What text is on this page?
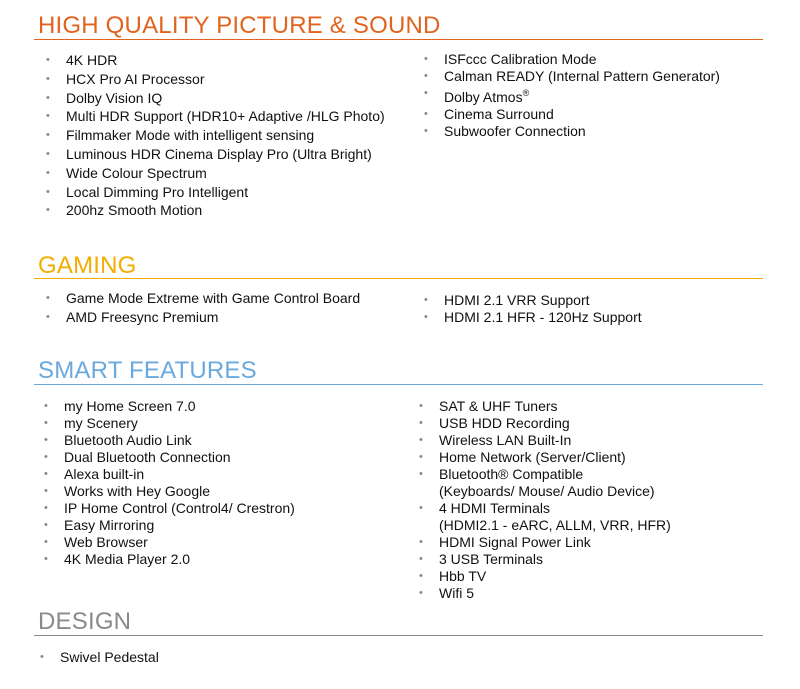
HIGH QUALITY PICTURE & SOUND
• 4K HDR
• HCX Pro AI Processor
• Dolby Vision IQ
• Multi HDR Support (HDR10+ Adaptive /HLG Photo)
• Filmmaker Mode with intelligent sensing
• Luminous HDR Cinema Display Pro (Ultra Bright)
• Wide Colour Spectrum
• Local Dimming Pro Intelligent
• 200hz Smooth Motion
• ISFccc Calibration Mode
• Calman READY (Internal Pattern Generator)
• Dolby Atmos®
• Cinema Surround
• Subwoofer Connection
GAMING
• Game Mode Extreme with Game Control Board
• AMD Freesync Premium
• HDMI 2.1 VRR Support
• HDMI 2.1 HFR - 120Hz Support
SMART FEATURES
• my Home Screen 7.0
• my Scenery
• Bluetooth Audio Link
• Dual Bluetooth Connection
• Alexa built-in
• Works with Hey Google
• IP Home Control (Control4/ Crestron)
• Easy Mirroring
• Web Browser
• 4K Media Player 2.0
• SAT & UHF Tuners
• USB HDD Recording
• Wireless LAN Built-In
• Home Network (Server/Client)
• Bluetooth® Compatible
(Keyboards/ Mouse/ Audio Device)
• 4 HDMI Terminals
(HDMI2.1 - eARC, ALLM, VRR, HFR)
• HDMI Signal Power Link
• 3 USB Terminals
• Hbb TV
• Wifi 5
DESIGN
• Swivel Pedestal
